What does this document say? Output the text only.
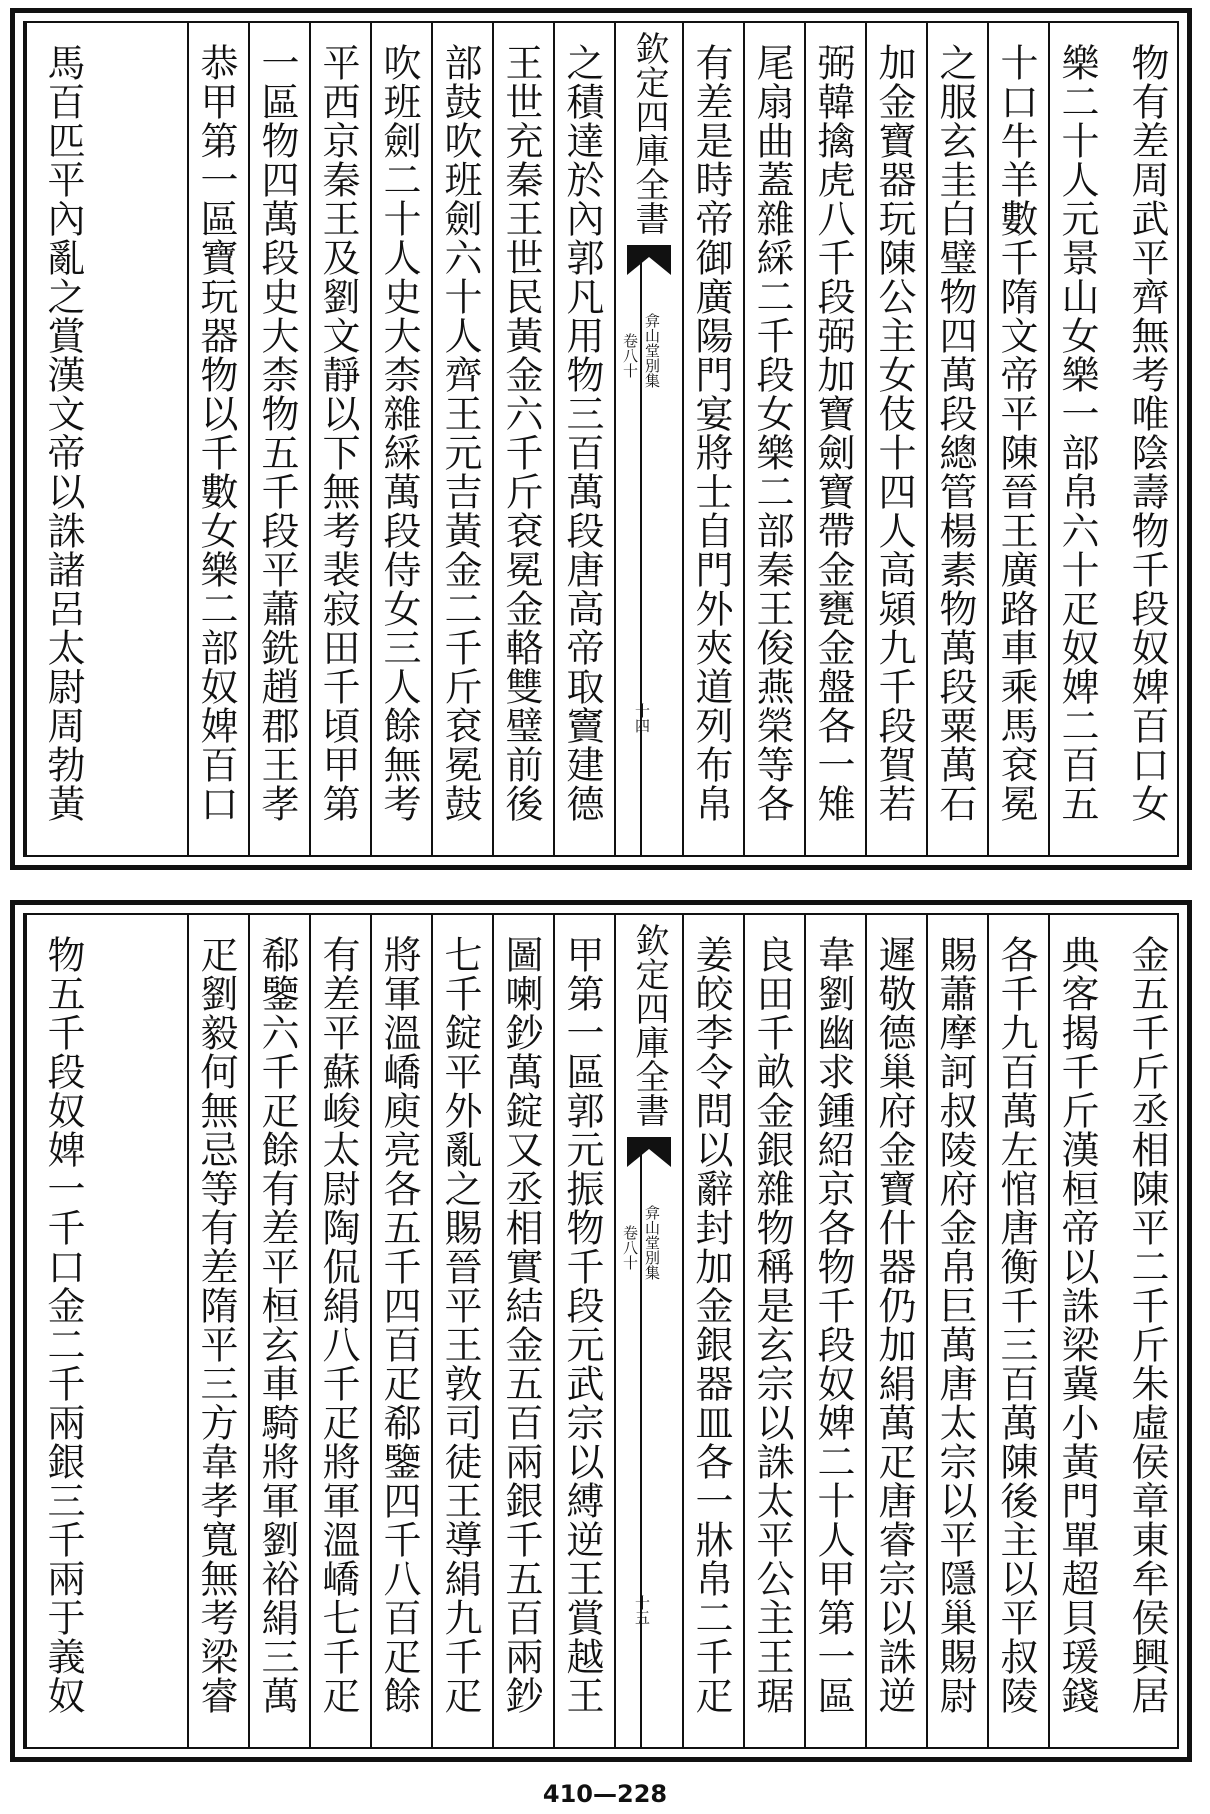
物有差周武平齊無考唯陰壽物千段奴婢百口女
樂二十人元景山女樂一部帛六十疋奴婢二百五
十口牛羊數千隋文帝平陳晉王廣路車乘馬袞冕
之服玄圭白璧物四萬段總管楊素物萬段粟萬石
加金寶器玩陳公主女伎十四人高熲九千段賀若
弼韓擒虎八千段弼加寶劍寶帶金甕金盤各一雉
尾扇曲蓋雜綵二千段女樂二部秦王俊燕榮等各
有差是時帝御廣陽門宴將士自門外夾道列布帛
欽定四庫全書
弇山堂別集
卷八十
十四
之積達於內郭凡用物三百萬段唐高帝取竇建德
王世充秦王世民黃金六千斤袞冕金輅雙璧前後
部鼓吹班劍六十人齊王元吉黃金二千斤袞冕鼓
吹班劍二十人史大柰雜綵萬段侍女三人餘無考
平西京秦王及劉文靜以下無考裴寂田千頃甲第
一區物四萬段史大柰物五千段平蕭銑趙郡王孝
恭甲第一區寶玩器物以千數女樂二部奴婢百口
馬百匹平內亂之賞漢文帝以誅諸呂太尉周勃黃
金五千斤丞相陳平二千斤朱虛侯章東牟侯興居
典客揭千斤漢桓帝以誅梁冀小黃門單超貝瑗錢
各千九百萬左悺唐衡千三百萬陳後主以平叔陵
賜蕭摩訶叔陵府金帛巨萬唐太宗以平隱巢賜尉
遲敬德巢府金寶什器仍加絹萬疋唐睿宗以誅逆
韋劉幽求鍾紹京各物千段奴婢二十人甲第一區
良田千畝金銀雜物稱是玄宗以誅太平公主王琚
姜皎李令問以辭封加金銀器皿各一牀帛二千疋
欽定四庫全書
弇山堂別集
卷八十
十五
甲第一區郭元振物千段元武宗以縛逆王賞越王
圖喇鈔萬錠又丞相實結金五百兩銀千五百兩鈔
七千錠平外亂之賜晉平王敦司徒王導絹九千疋
將軍溫嶠庾亮各五千四百疋郗鑒四千八百疋餘
有差平蘇峻太尉陶侃絹八千疋將軍溫嶠七千疋
郗鑒六千疋餘有差平桓玄車騎將軍劉裕絹三萬
疋劉毅何無忌等有差隋平三方韋孝寬無考梁睿
物五千段奴婢一千口金二千兩銀三千兩于義奴
410—228
